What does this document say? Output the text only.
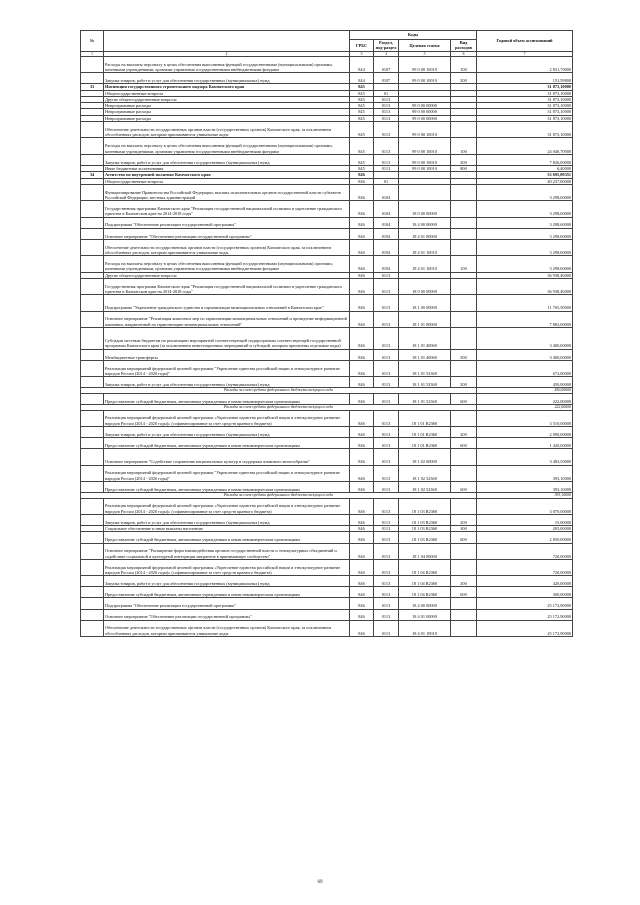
№		Коды				Годовой объем ассигнований
		ГРБС	Раздел, под-раздел	Целевая статья	Вид расходов	
1	2	3	4	5	6	7
	Расходы на выплаты персоналу в целях обеспечения выполнения функций государственными (муниципальными) органами, казенными учреждениями, органами управления государственными внебюджетными фондами	844	0107	99 0 00 10010	100	2 831,70000
	Закупка товаров, работ и услуг для обеспечения государственных (муниципальных) нужд	844	0107	99 0 00 10010	200	151,59800
33	Инспекция государственного строительного надзора Камчатского края	845				31 873,10000
	Общегосударственные вопросы	845	01			31 873,10000
	Другие общегосударственные вопросы	845	0113			31 873,10000
	Непрограммные расходы	845	0113	99 0 00 00000		31 873,10000
	Непрограммные расходы	845	0113	99 0 00 00000		31 873,10000
	Непрограммные расходы	845	0113	99 0 00 00000		31 873,10000
	Обеспечение деятельности государственных органов власти (государственных органов) Камчатского края, за исключением обособленных расходов, которым присваиваются уникальные коды	845	0113	99 0 00 10010		31 873,10000
	Расходы на выплаты персоналу в целях обеспечения выполнения функций государственными (муниципальными) органами, казенными учреждениями, органами управления государственными внебюджетными фондами	845	0113	99 0 00 10010	100	24 040,70000
	Закупка товаров, работ и услуг для обеспечения государственных (муниципальных) нужд	845	0113	99 0 00 10010	200	7 826,00000
	Иные бюджетные ассигнования	845	0113	99 0 00 10010	800	6,40000
34	Агентство по внутренней политике Камчатского края	846				53 695,09351
	Общегосударственные вопросы	846	01			40 237,00000
	Функционирование Правительства Российской Федерации, высших исполнительных органов государственной власти субъектов Российской Федерации, местных администраций	846	0104			3 298,60000
	Государственная программа Камчатского края "Реализация государственной национальной политики и укрепление гражданского единства в Камчатском крае на 2014-2018 годы"	846	0104	18 0 00 00000		3 298,60000
	Подпрограмма "Обеспечение реализации государственной программы"	846	0104	18 4 00 00000		3 298,60000
	Основное мероприятие "Обеспечение реализации государственной программы"	846	0104	18 4 01 00000		3 298,60000
	Обеспечение деятельности государственных органов власти (государственных органов) Камчатского края, за исключением обособленных расходов, которым присваиваются уникальные коды	846	0104	18 4 01 10010		3 298,60000
	Расходы на выплаты персоналу в целях обеспечения выполнения функций государственными (муниципальными) органами, казенными учреждениями, органами управления государственными внебюджетными фондами	846	0104	18 4 01 10010	100	3 298,60000
	Другие общегосударственные вопросы	846	0113			36 938,40000
	Государственная программа Камчатского края "Реализация государственной национальной политики и укрепление гражданского единства в Камчатском крае на 2014-2018 годы"	846	0113	18 0 00 00000		36 938,40000
	Подпрограмма "Укрепление гражданского единства и гармонизация межнациональных отношений в Камчатском крае"	846	0113	18 1 00 00000		11 765,50000
	Основное мероприятие "Реализация комплекса мер по гармонизации межнациональных отношений и проведение информационной кампании, направленной на гармонизацию межнациональных отношений"	846	0113	18 1 01 00000		7 882,00000
	Субсидии местным бюджетам на реализацию мероприятий соответствующей подпрограммы соответствующей государственной программы Камчатского края (за исключением инвестиционных мероприятий и субсидий, которым присвоены отдельные коды)	846	0113	18 1 01 40060		3 400,00000
	Межбюджетные трансферты	846	0113	18 1 01 40060	500	3 400,00000
	Реализация мероприятий федеральной целевой программы "Укрепление единства российской нации и этнокультурное развитие народов России (2014 - 2020 годы)"	846	0113	18 1 01 52360		672,00000
	Закупка товаров, работ и услуг для обеспечения государственных (муниципальных) нужд	846	0113	18 1 01 52360	200	450,00000
Расходы за счет средств федерального бюджета текущего года						450,00000
	Предоставление субсидий бюджетным, автономным учреждениям и иным некоммерческим организациям	846	0113	18 1 01 52360	600	222,00000
Расходы за счет средств федерального бюджета текущего года						222,00000
	Реализация мероприятий федеральной целевой программы «Укрепление единства российской нации и этнокультурное развитие народов России (2014 - 2020 годы)» (софинансирование за счет средств краевого бюджета)	846	0113	18 1 01 R2360		3 510,00000
	Закупка товаров, работ и услуг для обеспечения государственных (муниципальных) нужд	846	0113	18 1 01 R2360	200	2 090,00000
	Предоставление субсидий бюджетным, автономным учреждениям и иным некоммерческим организациям	846	0113	18 1 01 R2360	600	1 420,00000
	Основное мероприятие "Содействие сохранению национальных культур и поддержка языкового многообразия"	846	0113	18 1 02 00000		3 483,50000
	Реализация мероприятий федеральной целевой программы "Укрепление единства российской нации и этнокультурное развитие народов России (2014 - 2020 годы)"	846	0113	18 1 02 52360		393,10000
	Предоставление субсидий бюджетным, автономным учреждениям и иным некоммерческим организациям	846	0113	18 1 02 52360	600	393,10000
Расходы за счет средств федерального бюджета текущего года						393,10000
	Реализация мероприятий федеральной целевой программы «Укрепление единства российской нации и этнокультурное развитие народов России (2014 - 2020 годы)» (софинансирование за счет средств краевого бюджета)	846	0113	18 1 03 R2360		3 070,00000
	Закупка товаров, работ и услуг для обеспечения государственных (муниципальных) нужд	846	0113	18 1 03 R2360	200	15,00000
	Социальное обеспечение и иные выплаты населению	846	0113	18 1 03 R2360	300	205,00000
	Предоставление субсидий бюджетным, автономным учреждениям и иным некоммерческим организациям	846	0113	18 1 03 R2360	600	2 850,00000
	Основное мероприятие "Расширение форм взаимодействия органов государственной власти и этнокультурных объединений и содействие социальной и культурной интеграции мигрантов в принимающее сообщество"	846	0113	18 1 04 00000		720,00000
	Реализация мероприятий федеральной целевой программы «Укрепление единства российской нации и этнокультурное развитие народов России (2014 - 2020 годы)» (софинансирование за счет средств краевого бюджета)	846	0113	18 1 04 R2360		720,00000
	Закупка товаров, работ и услуг для обеспечения государственных (муниципальных) нужд	846	0113	18 1 04 R2360	200	420,00000
	Предоставление субсидий бюджетным, автономным учреждениям и иным некоммерческим организациям	846	0113	18 1 04 R2360	600	300,00000
	Подпрограмма "Обеспечение реализации государственной программы"	846	0113	18 4 00 00000		25 172,90000
	Основное мероприятие "Обеспечение реализации государственной программы"	846	0113	18 4 01 00000		25 172,90000
	Обеспечение деятельности государственных органов власти (государственных органов) Камчатского края, за исключением обособленных расходов, которым присваиваются уникальные коды	846	0113	18 4 01 10010		25 172,90000
69
